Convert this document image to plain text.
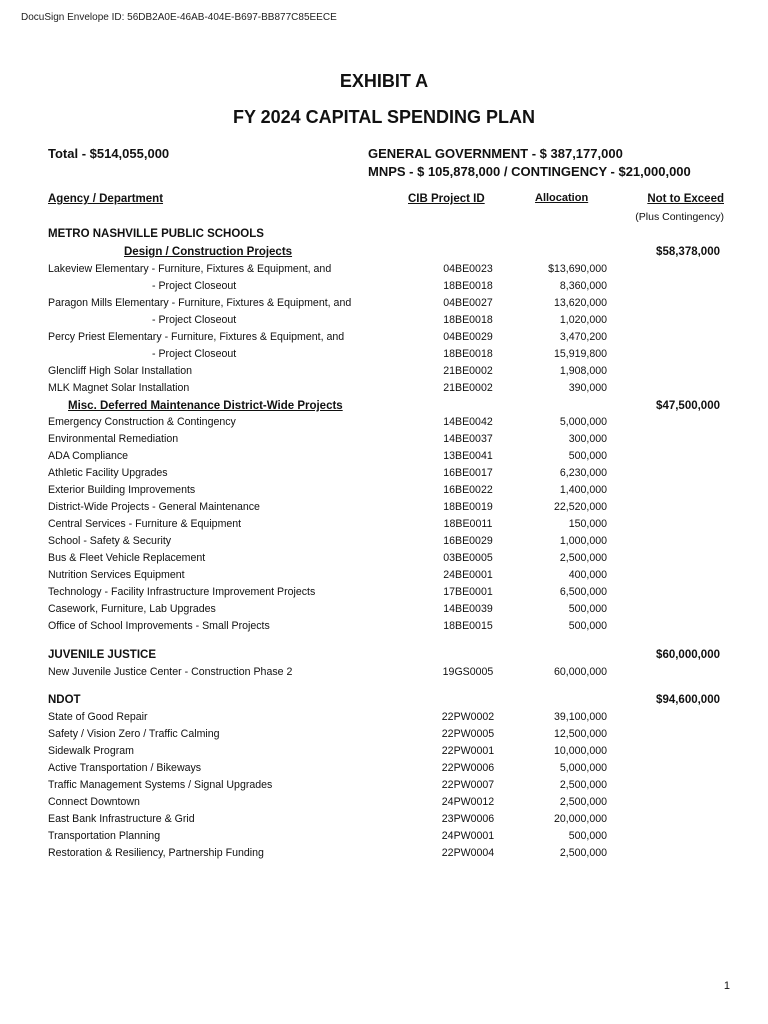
DocuSign Envelope ID: 56DB2A0E-46AB-404E-B697-BB877C85EECE
EXHIBIT A
FY 2024 CAPITAL SPENDING PLAN
Total - $514,055,000	GENERAL GOVERNMENT - $ 387,177,000
MNPS - $ 105,878,000 / CONTINGENCY - $21,000,000
Agency / Department	CIB Project ID	Allocation	Not to Exceed
(Plus Contingency)
METRO NASHVILLE PUBLIC SCHOOLS
Design / Construction Projects	$58,378,000
Lakeview Elementary - Furniture, Fixtures & Equipment, and	04BE0023	$13,690,000
- Project Closeout	18BE0018	8,360,000
Paragon Mills Elementary - Furniture, Fixtures & Equipment, and	04BE0027	13,620,000
- Project Closeout	18BE0018	1,020,000
Percy Priest Elementary - Furniture, Fixtures & Equipment, and	04BE0029	3,470,200
- Project Closeout	18BE0018	15,919,800
Glencliff High Solar Installation	21BE0002	1,908,000
MLK Magnet Solar Installation	21BE0002	390,000
Misc. Deferred Maintenance District-Wide Projects	$47,500,000
Emergency Construction & Contingency	14BE0042	5,000,000
Environmental Remediation	14BE0037	300,000
ADA Compliance	13BE0041	500,000
Athletic Facility Upgrades	16BE0017	6,230,000
Exterior Building Improvements	16BE0022	1,400,000
District-Wide Projects - General Maintenance	18BE0019	22,520,000
Central Services - Furniture & Equipment	18BE0011	150,000
School - Safety & Security	16BE0029	1,000,000
Bus & Fleet Vehicle Replacement	03BE0005	2,500,000
Nutrition Services Equipment	24BE0001	400,000
Technology - Facility Infrastructure Improvement Projects	17BE0001	6,500,000
Casework, Furniture, Lab Upgrades	14BE0039	500,000
Office of School Improvements - Small Projects	18BE0015	500,000
JUVENILE JUSTICE	$60,000,000
New Juvenile Justice Center - Construction Phase 2	19GS0005	60,000,000
NDOT	$94,600,000
State of Good Repair	22PW0002	39,100,000
Safety / Vision Zero / Traffic Calming	22PW0005	12,500,000
Sidewalk Program	22PW0001	10,000,000
Active Transportation / Bikeways	22PW0006	5,000,000
Traffic Management Systems / Signal Upgrades	22PW0007	2,500,000
Connect Downtown	24PW0012	2,500,000
East Bank Infrastructure & Grid	23PW0006	20,000,000
Transportation Planning	24PW0001	500,000
Restoration & Resiliency, Partnership Funding	22PW0004	2,500,000
1
